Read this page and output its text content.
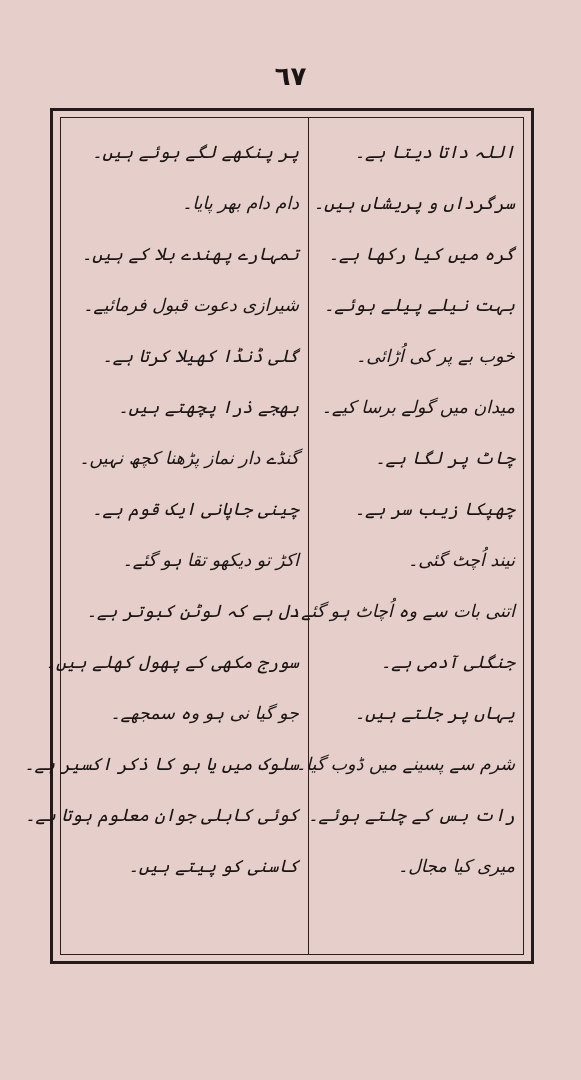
٦٧
اللہ داتا دیتا ہے۔
سرگرداں و پریشاں ہیں۔
گرہ میں کیا رکھا ہے۔
بہت نیلے پیلے ہوئے۔
خوب بے پر کی اُڑائی۔
میدان میں گولے برسا کیے۔
چاٹ پر لگا ہے۔
چھپکا زیب سر ہے۔
نیند اُچٹ گئی۔
اتنی بات سے وہ اُچاٹ ہو گئے۔
جنگلی آدمی ہے۔
یہاں پر جلتے ہیں۔
شرم سے پسینے میں ڈوب گیا۔
رات بس کے چلتے ہوئے۔
میری کیا مجال۔
پر پنکھے لگے ہوئے ہیں۔
دام دام بھر پایا۔
تمہارے پھندے بلا کے ہیں۔
شیرازی دعوت قبول فرمائیے۔
گلی ڈنڈا کھیلا کرتا ہے۔
بھجے ذرا پچھتے ہیں۔
گنڈے دار نماز پڑھنا کچھ نہیں۔
چینی جاپانی ایک قوم ہے۔
اکڑ تو دیکھو تقا ہو گئے۔
دل ہے کہ لوٹن کبوتر ہے۔
سورج مکھی کے پھول کھلے ہیں۔
جو گیا نی ہو وہ سمجھے۔
سلوک میں یا ہو کا ذکر اکسیر ہے۔
کوئی کابلی جوان معلوم ہوتا ہے۔
کاسنی کو پیتے ہیں۔
